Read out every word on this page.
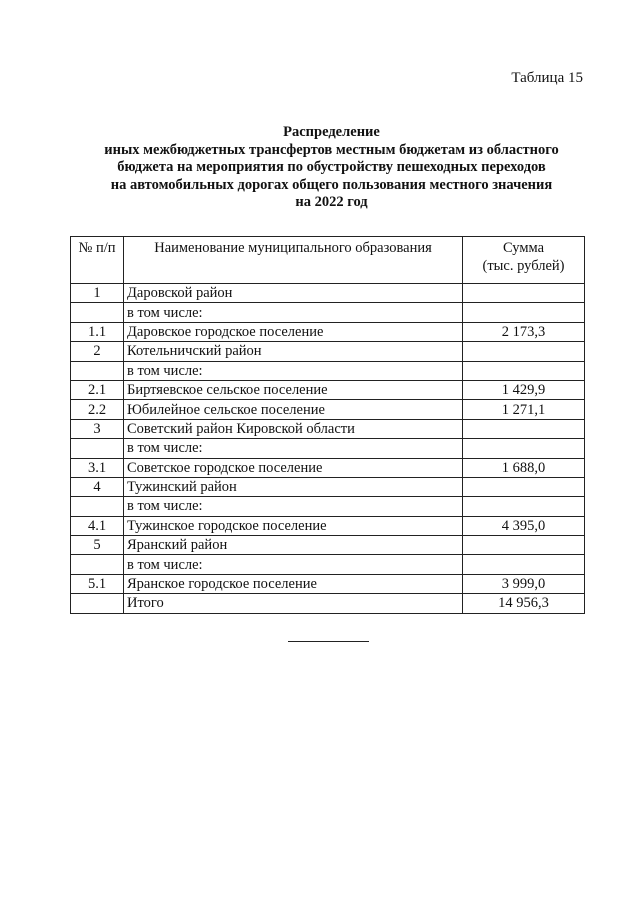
Таблица 15
Распределение
иных межбюджетных трансфертов местным бюджетам из областного
бюджета на мероприятия по обустройству пешеходных переходов
на автомобильных дорогах общего пользования местного значения
на 2022 год
№ п/п	Наименование муниципального образования	Сумма
(тыс. рублей)

1	Даровской район	
	в том числе:	
1.1	Даровское городское поселение	2 173,3
2	Котельничский район	
	в том числе:	
2.1	Биртяевское сельское поселение	1 429,9
2.2	Юбилейное сельское поселение	1 271,1
3	Советский район Кировской области	
	в том числе:	
3.1	Советское городское поселение	1 688,0
4	Тужинский район	
	в том числе:	
4.1	Тужинское городское поселение	4 395,0
5	Яранский район	
	в том числе:	
5.1	Яранское городское поселение	3 999,0
	Итого	14 956,3
